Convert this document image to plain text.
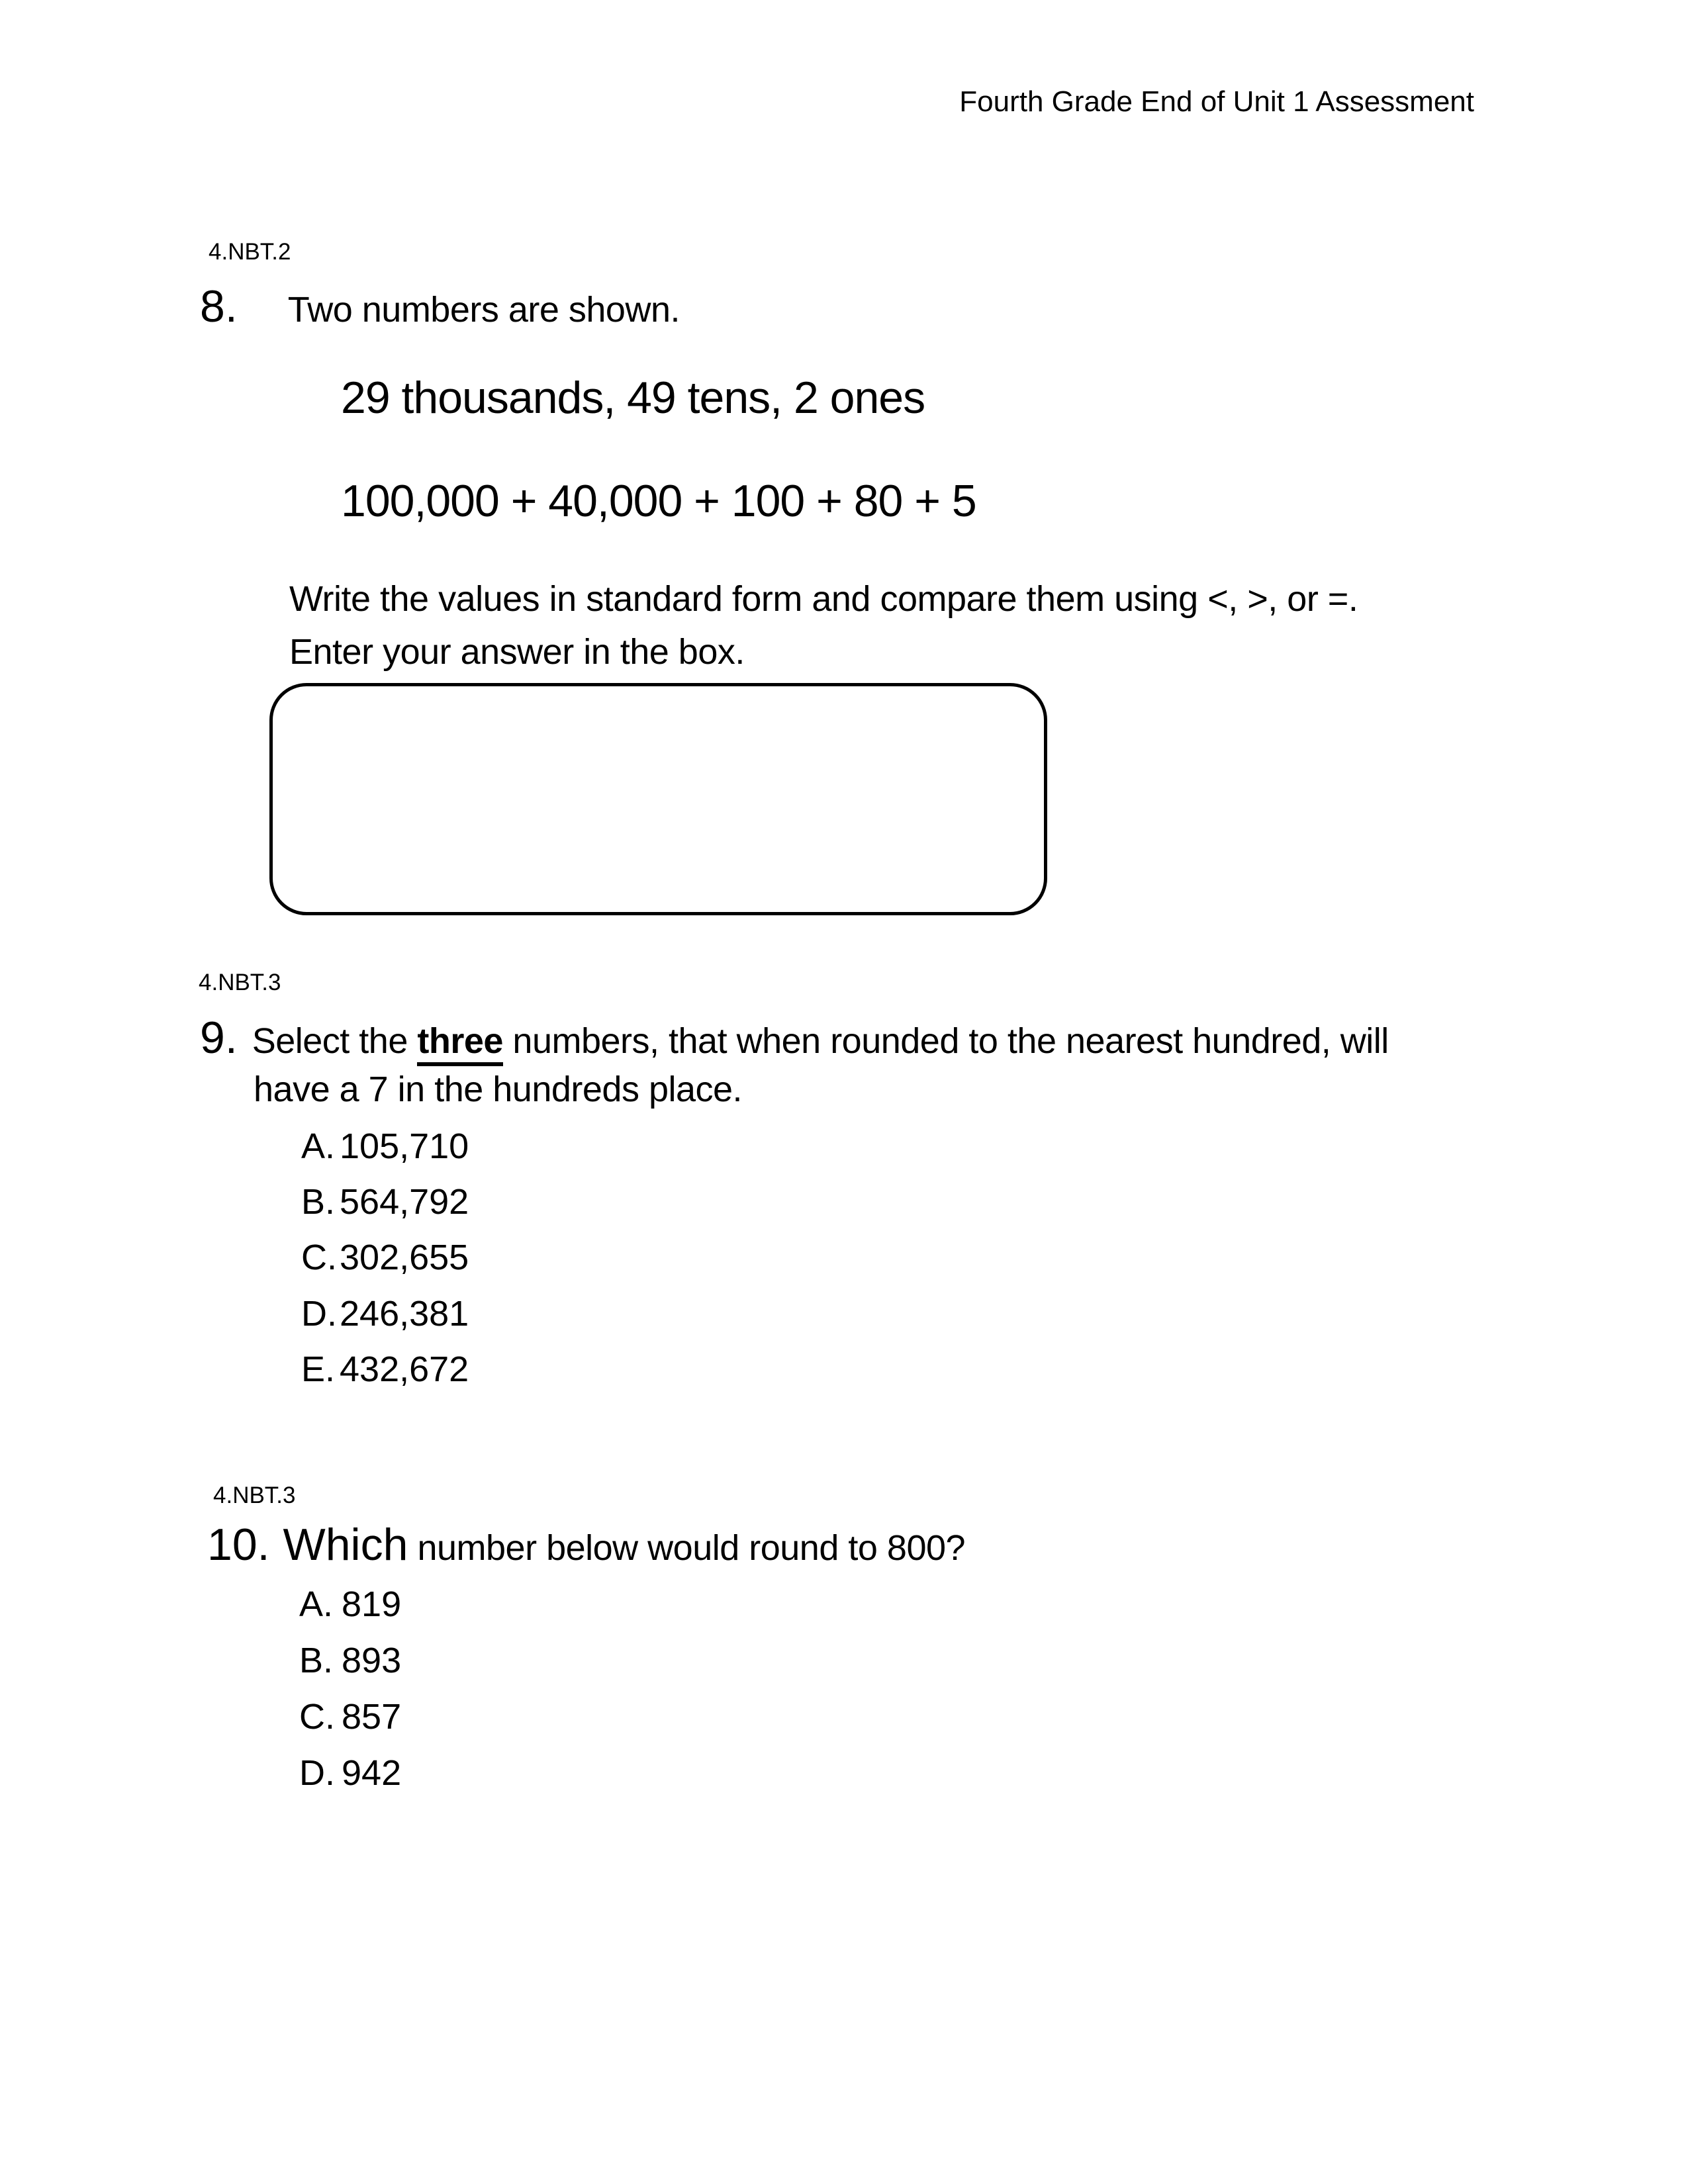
Fourth Grade End of Unit 1 Assessment
4.NBT.2
8. Two numbers are shown.
29 thousands, 49 tens, 2 ones
100,000 + 40,000 + 100 + 80 + 5
Write the values in standard form and compare them using <, >, or =.
Enter your answer in the box.
4.NBT.3
9. Select the three numbers, that when rounded to the nearest hundred, will
have a 7 in the hundreds place.
A. 105,710
B. 564,792
C.302,655
D.246,381
E. 432,672
4.NBT.3
10. Which number below would round to 800?
A. 819
B. 893
C. 857
D. 942
